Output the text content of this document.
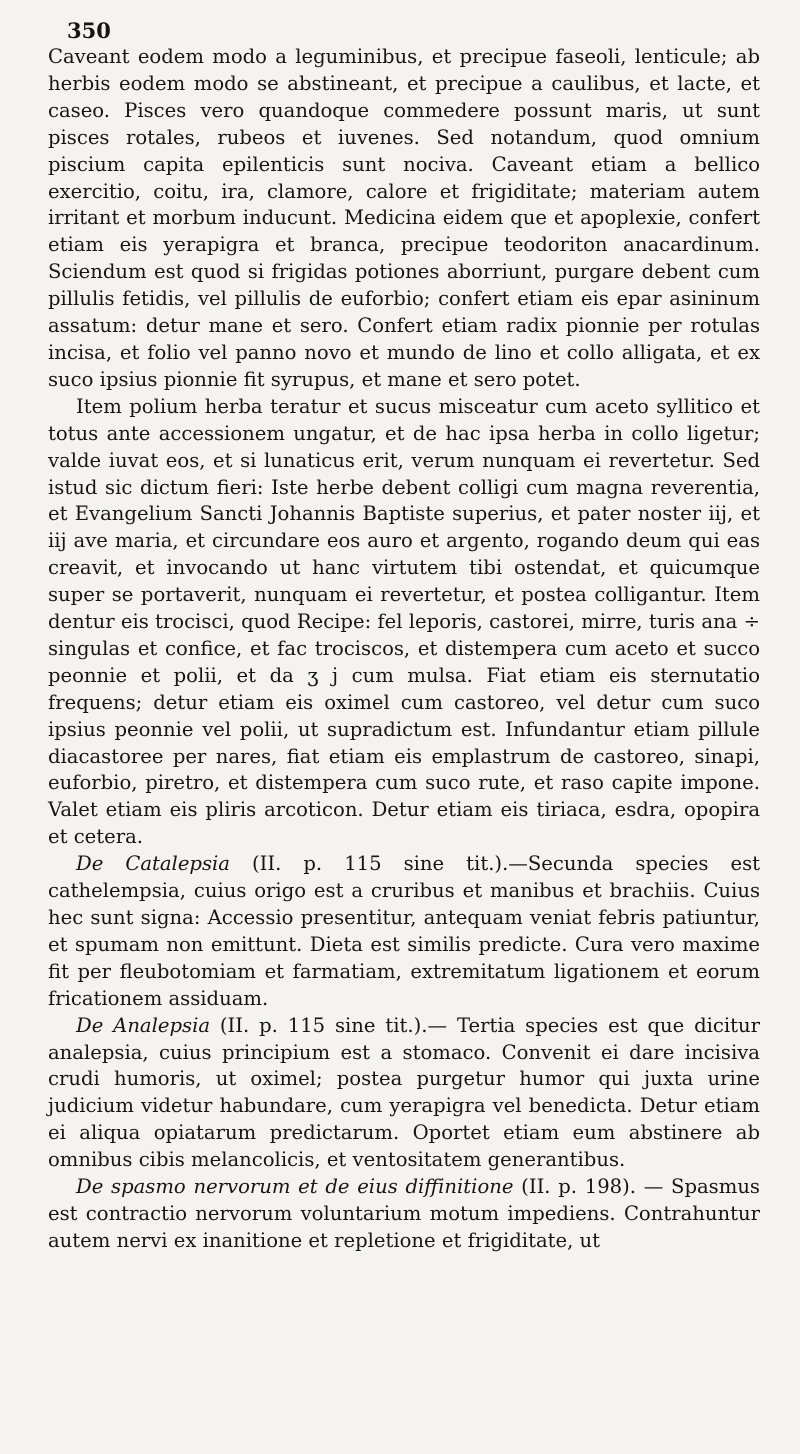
350

Caveant eodem modo a leguminibus, et precipue faseoli, lenticule; ab herbis eodem modo se abstineant, et precipue a caulibus, et lacte, et caseo. Pisces vero quandoque commedere possunt maris, ut sunt pisces rotales, rubeos et iuvenes. Sed notandum, quod omnium piscium capita epilenticis sunt nociva. Caveant etiam a bellico exercitio, coitu, ira, clamore, calore et frigiditate; materiam autem irritant et morbum inducunt. Medicina eidem que et apoplexie, confert etiam eis yerapigra et branca, precipue teodoriton anacardinum. Sciendum est quod si frigidas potiones aborriunt, purgare debent cum pillulis fetidis, vel pillulis de euforbio; confert etiam eis epar asininum assatum: detur mane et sero. Confert etiam radix pionnie per rotulas incisa, et folio vel panno novo et mundo de lino et collo alligata, et ex suco ipsius pionnie fit syrupus, et mane et sero potet.

Item polium herba teratur et sucus misceatur cum aceto syllitico et totus ante accessionem ungatur, et de hac ipsa herba in collo ligetur; valde iuvat eos, et si lunaticus erit, verum nunquam ei revertetur. Sed istud sic dictum fieri: Iste herbe debent colligi cum magna reverentia, et Evangelium Sancti Johannis Baptiste superius, et pater noster iij, et iij ave maria, et circundare eos auro et argento, rogando deum qui eas creavit, et invocando ut hanc virtutem tibi ostendat, et quicumque super se portaverit, nunquam ei revertetur, et postea colligantur. Item dentur eis trocisci, quod Recipe: fel leporis, castorei, mirre, turis ana ÷ singulas et confice, et fac trociscos, et distempera cum aceto et succo peonnie et polii, et da ʒ j cum mulsa. Fiat etiam eis sternutatio frequens; detur etiam eis oximel cum castoreo, vel detur cum suco ipsius peonnie vel polii, ut supradictum est. Infundantur etiam pillule diacastoree per nares, fiat etiam eis emplastrum de castoreo, sinapi, euforbio, piretro, et distempera cum suco rute, et raso capite impone. Valet etiam eis pliris arcoticon. Detur etiam eis tiriaca, esdra, opopira et cetera.

De Catalepsia (II. p. 115 sine tit.).—Secunda species est cathelempsia, cuius origo est a cruribus et manibus et brachiis. Cuius hec sunt signa: Accessio presentitur, antequam veniat febris patiuntur, et spumam non emittunt. Dieta est similis predicte. Cura vero maxime fit per fleubotomiam et farmatiam, extremitatum ligationem et eorum fricationem assiduam.

De Analepsia (II. p. 115 sine tit.).— Tertia species est que dicitur analepsia, cuius principium est a stomaco. Convenit ei dare incisiva crudi humoris, ut oximel; postea purgetur humor qui juxta urine judicium videtur habundare, cum yerapigra vel benedicta. Detur etiam ei aliqua opiatarum predictarum. Oportet etiam eum abstinere ab omnibus cibis melancolicis, et ventositatem generantibus.

De spasmo nervorum et de eius diffinitione (II. p. 198). — Spasmus est contractio nervorum voluntarium motum impediens. Contrahuntur autem nervi ex inanitione et repletione et frigiditate, ut
